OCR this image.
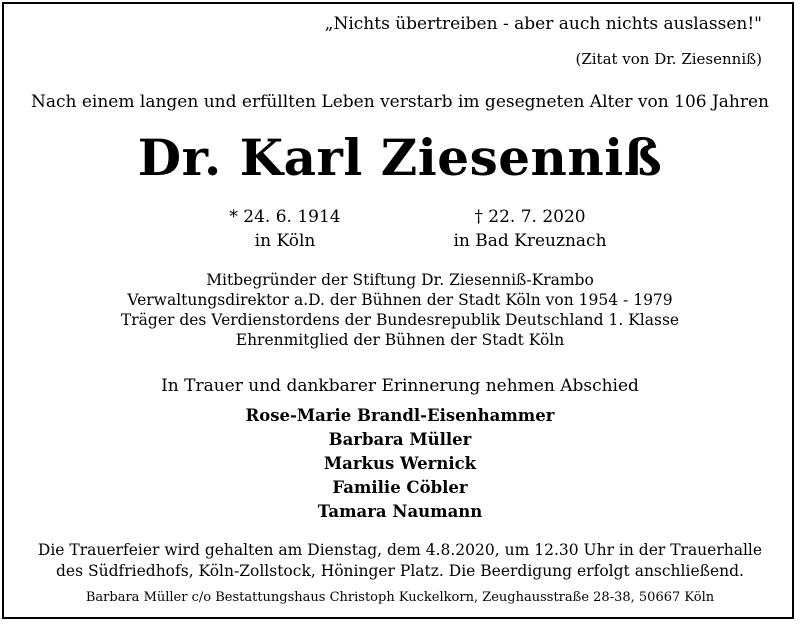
„Nichts übertreiben - aber auch nichts auslassen!"
(Zitat von Dr. Ziesenniß)
Nach einem langen und erfüllten Leben verstarb im gesegneten Alter von 106 Jahren
Dr. Karl Ziesenniß
* 24. 6. 1914
in Köln
† 22. 7. 2020
in Bad Kreuznach
Mitbegründer der Stiftung Dr. Ziesenniß-Krambo
Verwaltungsdirektor a.D. der Bühnen der Stadt Köln von 1954 - 1979
Träger des Verdienstordens der Bundesrepublik Deutschland 1. Klasse
Ehrenmitglied der Bühnen der Stadt Köln
In Trauer und dankbarer Erinnerung nehmen Abschied
Rose-Marie Brandl-Eisenhammer
Barbara Müller
Markus Wernick
Familie Cöbler
Tamara Naumann
Die Trauerfeier wird gehalten am Dienstag, dem 4.8.2020, um 12.30 Uhr in der Trauerhalle
des Südfriedhofs, Köln-Zollstock, Höninger Platz. Die Beerdigung erfolgt anschließend.
Barbara Müller c/o Bestattungshaus Christoph Kuckelkorn, Zeughausstraße 28-38, 50667 Köln
